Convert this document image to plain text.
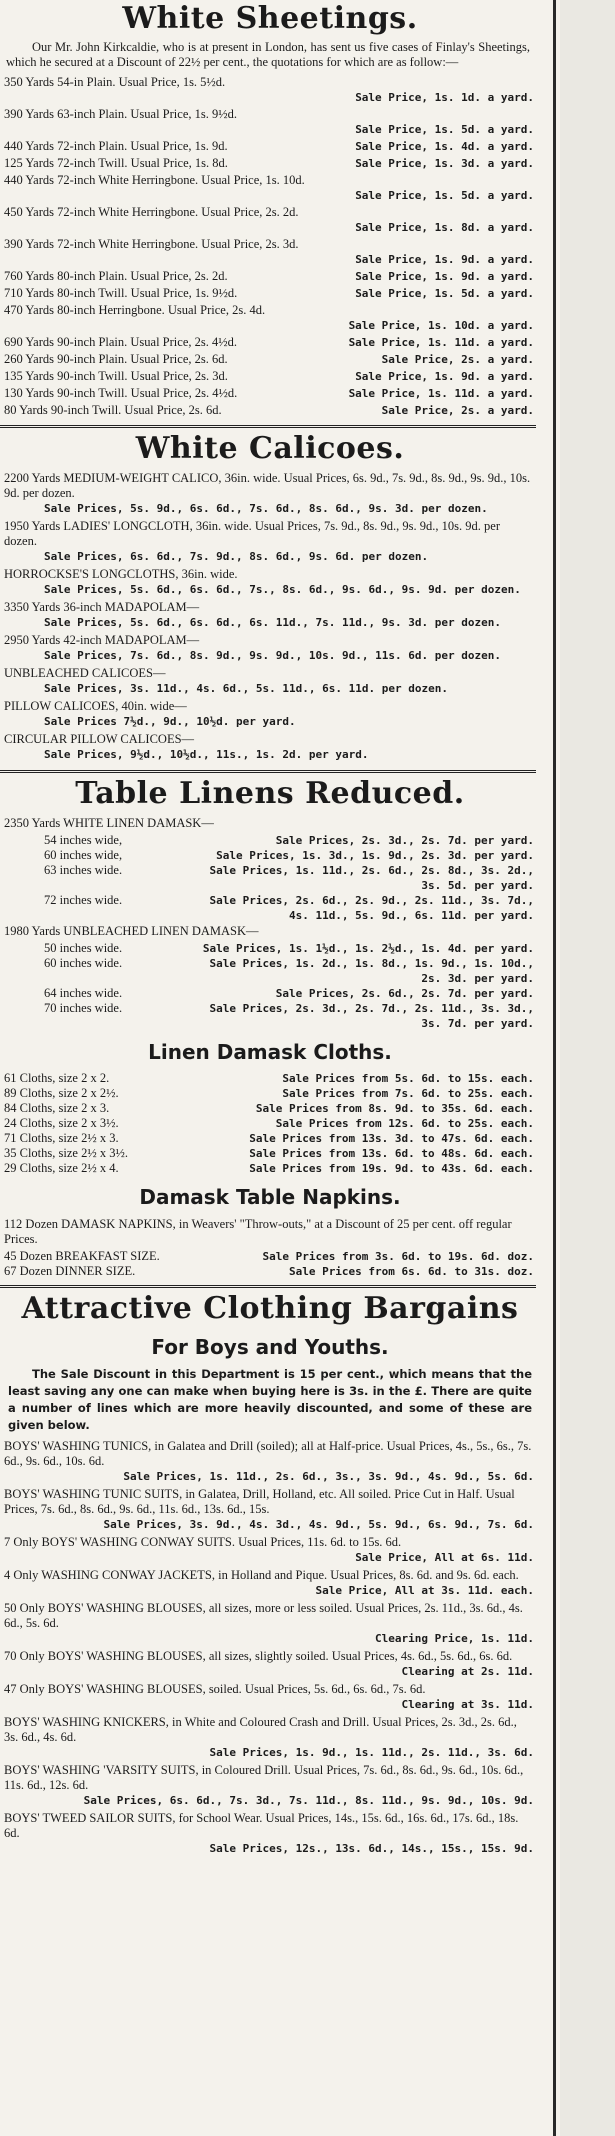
White Sheetings.
Our Mr. John Kirkcaldie, who is at present in London, has sent us five cases of Finlay's Sheetings, which he secured at a Discount of 22½ per cent., the quotations for which are as follow:—
350 Yards 54-in Plain. Usual Price, 1s. 5½d.
Sale Price, 1s. 1d. a yard.
390 Yards 63-inch Plain. Usual Price, 1s. 9½d.
Sale Price, 1s. 5d. a yard.
440 Yards 72-inch Plain. Usual Price, 1s. 9d.	Sale Price, 1s. 4d. a yard.
125 Yards 72-inch Twill. Usual Price, 1s. 8d.	Sale Price, 1s. 3d. a yard.
440 Yards 72-inch White Herringbone. Usual Price, 1s. 10d.
Sale Price, 1s. 5d. a yard.
450 Yards 72-inch White Herringbone. Usual Price, 2s. 2d.
Sale Price, 1s. 8d. a yard.
390 Yards 72-inch White Herringbone. Usual Price, 2s. 3d.
Sale Price, 1s. 9d. a yard.
760 Yards 80-inch Plain. Usual Price, 2s. 2d.	Sale Price, 1s. 9d. a yard.
710 Yards 80-inch Twill. Usual Price, 1s. 9½d.	Sale Price, 1s. 5d. a yard.
470 Yards 80-inch Herringbone. Usual Price, 2s. 4d.
Sale Price, 1s. 10d. a yard.
690 Yards 90-inch Plain. Usual Price, 2s. 4½d.	Sale Price, 1s. 11d. a yard.
260 Yards 90-inch Plain. Usual Price, 2s. 6d.	Sale Price, 2s. a yard.
135 Yards 90-inch Twill. Usual Price, 2s. 3d.	Sale Price, 1s. 9d. a yard.
130 Yards 90-inch Twill. Usual Price, 2s. 4½d.	Sale Price, 1s. 11d. a yard.
80 Yards 90-inch Twill. Usual Price, 2s. 6d.	Sale Price, 2s. a yard.
White Calicoes.
2200 Yards MEDIUM-WEIGHT CALICO, 36in. wide. Usual Prices, 6s. 9d., 7s. 9d., 8s. 9d., 9s. 9d., 10s. 9d. per dozen.
Sale Prices, 5s. 9d., 6s. 6d., 7s. 6d., 8s. 6d., 9s. 3d. per dozen.
1950 Yards LADIES' LONGCLOTH, 36in. wide. Usual Prices, 7s. 9d., 8s. 9d., 9s. 9d., 10s. 9d. per dozen.
Sale Prices, 6s. 6d., 7s. 9d., 8s. 6d., 9s. 6d. per dozen.
HORROCKSE'S LONGCLOTHS, 36in. wide.
Sale Prices, 5s. 6d., 6s. 6d., 7s., 8s. 6d., 9s. 6d., 9s. 9d. per dozen.
3350 Yards 36-inch MADAPOLAM—
Sale Prices, 5s. 6d., 6s. 6d., 6s. 11d., 7s. 11d., 9s. 3d. per dozen.
2950 Yards 42-inch MADAPOLAM—
Sale Prices, 7s. 6d., 8s. 9d., 9s. 9d., 10s. 9d., 11s. 6d. per dozen.
UNBLEACHED CALICOES—
Sale Prices, 3s. 11d., 4s. 6d., 5s. 11d., 6s. 11d. per dozen.
PILLOW CALICOES, 40in. wide—
Sale Prices 7½d., 9d., 10½d. per yard.
CIRCULAR PILLOW CALICOES—
Sale Prices, 9½d., 10½d., 11s., 1s. 2d. per yard.
Table Linens Reduced.
2350 Yards WHITE LINEN DAMASK—
54 inches wide,	Sale Prices, 2s. 3d., 2s. 7d. per yard.
60 inches wide,	Sale Prices, 1s. 3d., 1s. 9d., 2s. 3d. per yard.
63 inches wide.	Sale Prices, 1s. 11d., 2s. 6d., 2s. 8d., 3s. 2d., 3s. 5d. per yard.
72 inches wide.	Sale Prices, 2s. 6d., 2s. 9d., 2s. 11d., 3s. 7d., 4s. 11d., 5s. 9d., 6s. 11d. per yard.
1980 Yards UNBLEACHED LINEN DAMASK—
50 inches wide.	Sale Prices, 1s. 1½d., 1s. 2½d., 1s. 4d. per yard.
60 inches wide.	Sale Prices, 1s. 2d., 1s. 8d., 1s. 9d., 1s. 10d., 2s. 3d. per yard.
64 inches wide.	Sale Prices, 2s. 6d., 2s. 7d. per yard.
70 inches wide.	Sale Prices, 2s. 3d., 2s. 7d., 2s. 11d., 3s. 3d., 3s. 7d. per yard.
Linen Damask Cloths.
61 Cloths, size 2 x 2.	Sale Prices from 5s. 6d. to 15s. each.
89 Cloths, size 2 x 2½.	Sale Prices from 7s. 6d. to 25s. each.
84 Cloths, size 2 x 3.	Sale Prices from 8s. 9d. to 35s. 6d. each.
24 Cloths, size 2 x 3½.	Sale Prices from 12s. 6d. to 25s. each.
71 Cloths, size 2½ x 3.	Sale Prices from 13s. 3d. to 47s. 6d. each.
35 Cloths, size 2½ x 3½.	Sale Prices from 13s. 6d. to 48s. 6d. each.
29 Cloths, size 2½ x 4.	Sale Prices from 19s. 9d. to 43s. 6d. each.
Damask Table Napkins.
112 Dozen DAMASK NAPKINS, in Weavers' "Throw-outs," at a Discount of 25 per cent. off regular Prices.
45 Dozen BREAKFAST SIZE.	Sale Prices from 3s. 6d. to 19s. 6d. doz.
67 Dozen DINNER SIZE.	Sale Prices from 6s. 6d. to 31s. doz.
Attractive Clothing Bargains
For Boys and Youths.
The Sale Discount in this Department is 15 per cent., which means that the least saving any one can make when buying here is 3s. in the £. There are quite a number of lines which are more heavily discounted, and some of these are given below.
BOYS' WASHING TUNICS, in Galatea and Drill (soiled); all at Half-price. Usual Prices, 4s., 5s., 6s., 7s. 6d., 9s. 6d., 10s. 6d.
Sale Prices, 1s. 11d., 2s. 6d., 3s., 3s. 9d., 4s. 9d., 5s. 6d.
BOYS' WASHING TUNIC SUITS, in Galatea, Drill, Holland, etc. All soiled. Price Cut in Half. Usual Prices, 7s. 6d., 8s. 6d., 9s. 6d., 11s. 6d., 13s. 6d., 15s.
Sale Prices, 3s. 9d., 4s. 3d., 4s. 9d., 5s. 9d., 6s. 9d., 7s. 6d.
7 Only BOYS' WASHING CONWAY SUITS. Usual Prices, 11s. 6d. to 15s. 6d.
Sale Price, All at 6s. 11d.
4 Only WASHING CONWAY JACKETS, in Holland and Pique. Usual Prices, 8s. 6d. and 9s. 6d. each.
Sale Price, All at 3s. 11d. each.
50 Only BOYS' WASHING BLOUSES, all sizes, more or less soiled. Usual Prices, 2s. 11d., 3s. 6d., 4s. 6d., 5s. 6d.
Clearing Price, 1s. 11d.
70 Only BOYS' WASHING BLOUSES, all sizes, slightly soiled. Usual Prices, 4s. 6d., 5s. 6d., 6s. 6d.
Clearing at 2s. 11d.
47 Only BOYS' WASHING BLOUSES, soiled. Usual Prices, 5s. 6d., 6s. 6d., 7s. 6d.
Clearing at 3s. 11d.
BOYS' WASHING KNICKERS, in White and Coloured Crash and Drill. Usual Prices, 2s. 3d., 2s. 6d., 3s. 6d., 4s. 6d.
Sale Prices, 1s. 9d., 1s. 11d., 2s. 11d., 3s. 6d.
BOYS' WASHING 'VARSITY SUITS, in Coloured Drill. Usual Prices, 7s. 6d., 8s. 6d., 9s. 6d., 10s. 6d., 11s. 6d., 12s. 6d.
Sale Prices, 6s. 6d., 7s. 3d., 7s. 11d., 8s. 11d., 9s. 9d., 10s. 9d.
BOYS' TWEED SAILOR SUITS, for School Wear. Usual Prices, 14s., 15s. 6d., 16s. 6d., 17s. 6d., 18s. 6d.
Sale Prices, 12s., 13s. 6d., 14s., 15s., 15s. 9d.
